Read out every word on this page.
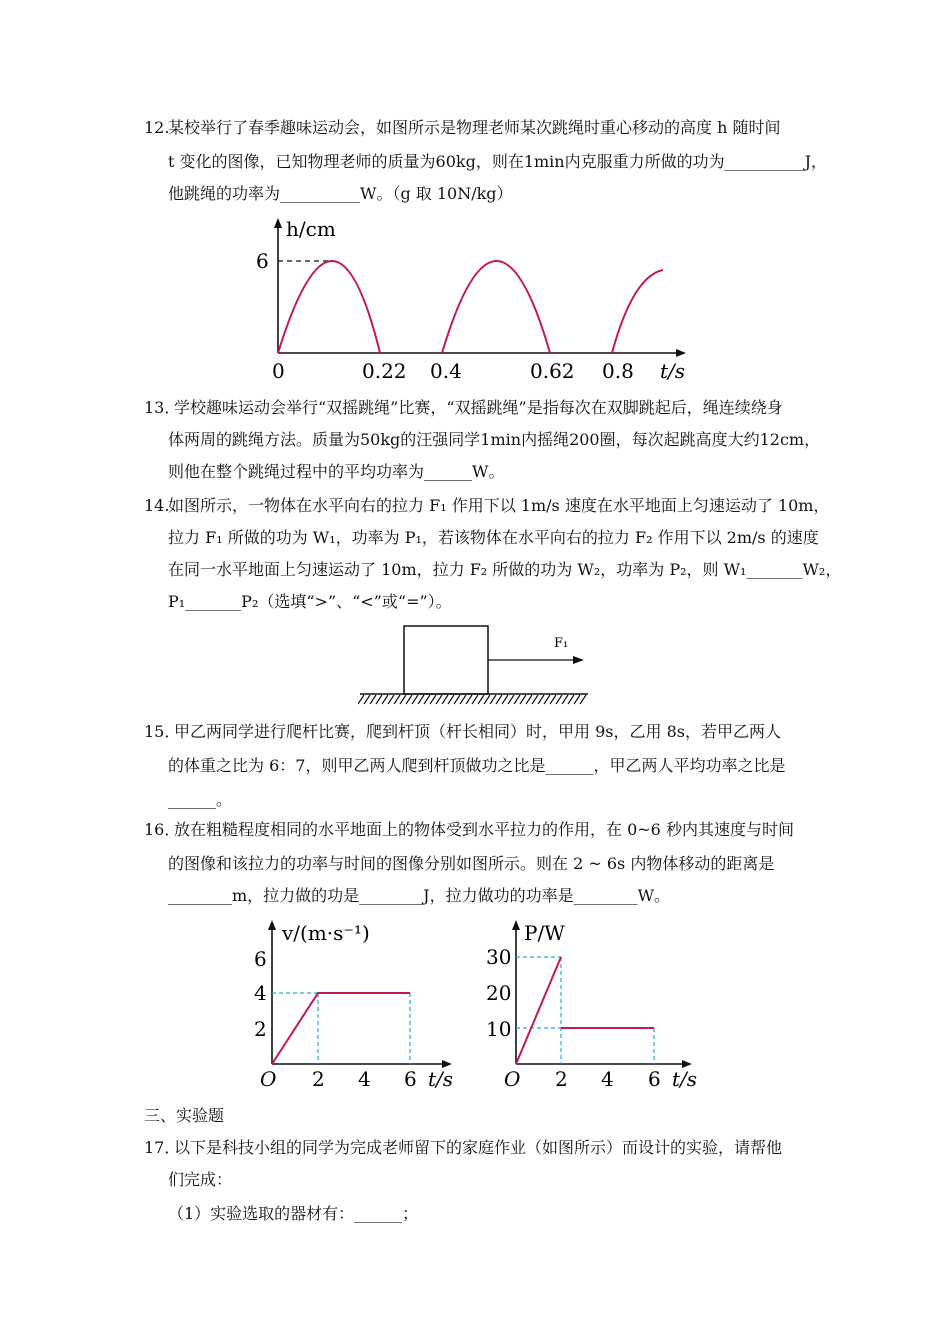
12.
某校举行了春季趣味运动会，如图所示是物理老师某次跳绳时重心移动的高度 h 随时间
t 变化的图像，已知物理老师的质量为60kg，则在1min内克服重力所做的功为__________J，
他跳绳的功率为__________W。（g 取 10N/kg）
h/cm
6
0	0.22 0.4	0.62 0.8 t/s
13．
学校趣味运动会举行“双摇跳绳”比赛，“双摇跳绳”是指每次在双脚跳起后，绳连续绕身
体两周的跳绳方法。质量为50kg的汪强同学1min内摇绳200圈，每次起跳高度大约12cm，
则他在整个跳绳过程中的平均功率为______W。
14.
如图所示，一物体在水平向右的拉力 F₁ 作用下以 1m/s 速度在水平地面上匀速运动了 10m，
拉力 F₁ 所做的功为 W₁，功率为 P₁，若该物体在水平向右的拉力 F₂ 作用下以 2m/s 的速度
在同一水平地面上匀速运动了 10m，拉力 F₂ 所做的功为 W₂，功率为 P₂，则 W₁_______W₂，
P₁_______P₂（选填“>”、“<”或“=”）。
F₁
15．
甲乙两同学进行爬杆比赛，爬到杆顶（杆长相同）时，甲用 9s，乙用 8s，若甲乙两人
的体重之比为 6：7，则甲乙两人爬到杆顶做功之比是______，甲乙两人平均功率之比是
______。
16．
放在粗糙程度相同的水平地面上的物体受到水平拉力的作用，在 0~6 秒内其速度与时间
的图像和该拉力的功率与时间的图像分别如图所示。则在 2 ~ 6s 内物体移动的距离是
________m，拉力做的功是________J，拉力做功的功率是________W。
v/(m·s⁻¹)
6
4
2
O 2 4 6 t/s
P/W
30
20
10
O 2 4 6 t/s
三、实验题
17．
以下是科技小组的同学为完成老师留下的家庭作业（如图所示）而设计的实验，请帮他
们完成：
（1）实验选取的器材有：______；
